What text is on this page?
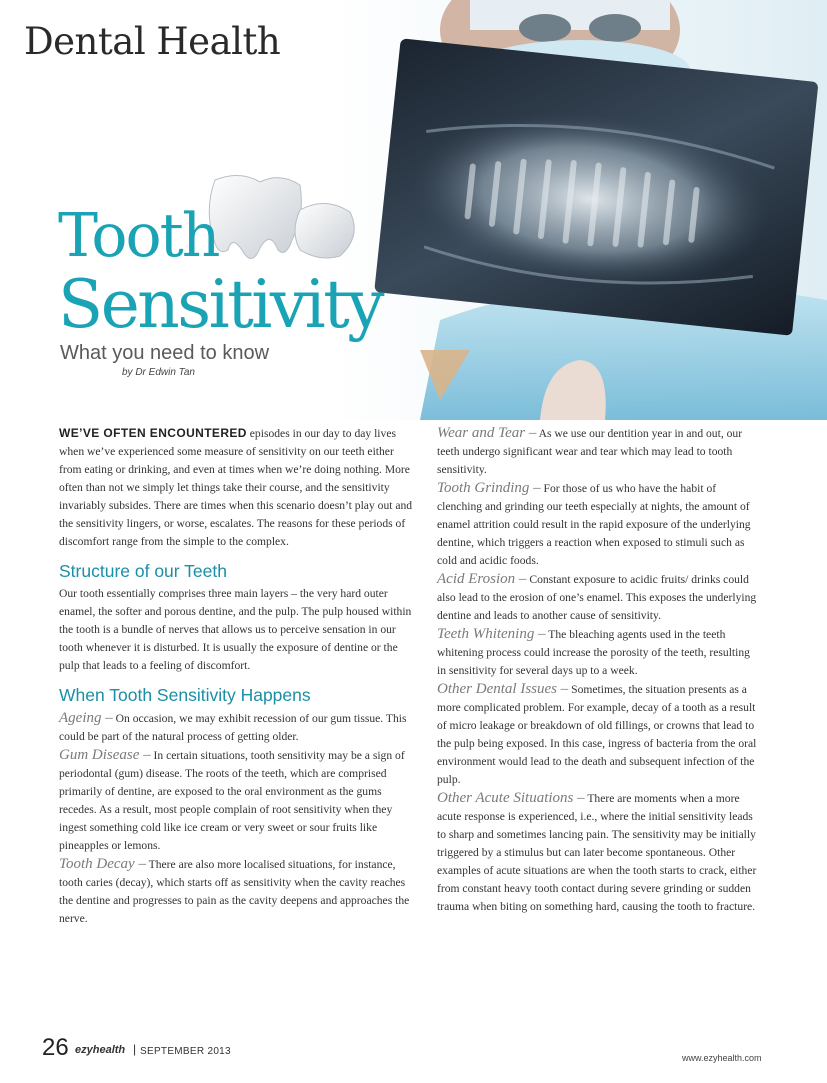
Dental Health
Tooth
Sensitivity
What you need to know
by Dr Edwin Tan

WE’VE OFTEN ENCOUNTERED episodes in our day to day lives when we’ve experienced some measure of sensitivity on our teeth either from eating or drinking, and even at times when we’re doing nothing. More often than not we simply let things take their course, and the sensitivity invariably subsides. There are times when this scenario doesn’t play out and the sensitivity lingers, or worse, escalates. The reasons for these periods of discomfort range from the simple to the complex.

Structure of our Teeth

Our tooth essentially comprises three main layers – the very hard outer enamel, the softer and porous dentine, and the pulp. The pulp housed within the tooth is a bundle of nerves that allows us to perceive sensation in our tooth whenever it is disturbed. It is usually the exposure of dentine or the pulp that leads to a feeling of discomfort.

When Tooth Sensitivity Happens

Ageing – On occasion, we may exhibit recession of our gum tissue. This could be part of the natural process of getting older.

Gum Disease – In certain situations, tooth sensitivity may be a sign of periodontal (gum) disease. The roots of the teeth, which are comprised primarily of dentine, are exposed to the oral environment as the gums recedes. As a result, most people complain of root sensitivity when they ingest something cold like ice cream or very sweet or sour fruits like pineapples or lemons.

Tooth Decay – There are also more localised situations, for instance, tooth caries (decay), which starts off as sensitivity when the cavity reaches the dentine and progresses to pain as the cavity deepens and approaches the nerve.

Wear and Tear – As we use our dentition year in and out, our teeth undergo significant wear and tear which may lead to tooth sensitivity.

Tooth Grinding – For those of us who have the habit of clenching and grinding our teeth especially at nights, the amount of enamel attrition could result in the rapid exposure of the underlying dentine, which triggers a reaction when exposed to stimuli such as cold and acidic foods.

Acid Erosion – Constant exposure to acidic fruits/ drinks could also lead to the erosion of one’s enamel. This exposes the underlying dentine and leads to another cause of sensitivity.

Teeth Whitening – The bleaching agents used in the teeth whitening process could increase the porosity of the teeth, resulting in sensitivity for several days up to a week.

Other Dental Issues – Sometimes, the situation presents as a more complicated problem. For example, decay of a tooth as a result of micro leakage or breakdown of old fillings, or crowns that lead to the pulp being exposed. In this case, ingress of bacteria from the oral environment would lead to the death and subsequent infection of the pulp.

Other Acute Situations – There are moments when a more acute response is experienced, i.e., where the initial sensitivity leads to sharp and sometimes lancing pain. The sensitivity may be initially triggered by a stimulus but can later become spontaneous. Other examples of acute situations are when the tooth starts to crack, either from constant heavy tooth contact during severe grinding or sudden trauma when biting on something hard, causing the tooth to fracture.

26 ezyhealth | SEPTEMBER 2013
www.ezyhealth.com
